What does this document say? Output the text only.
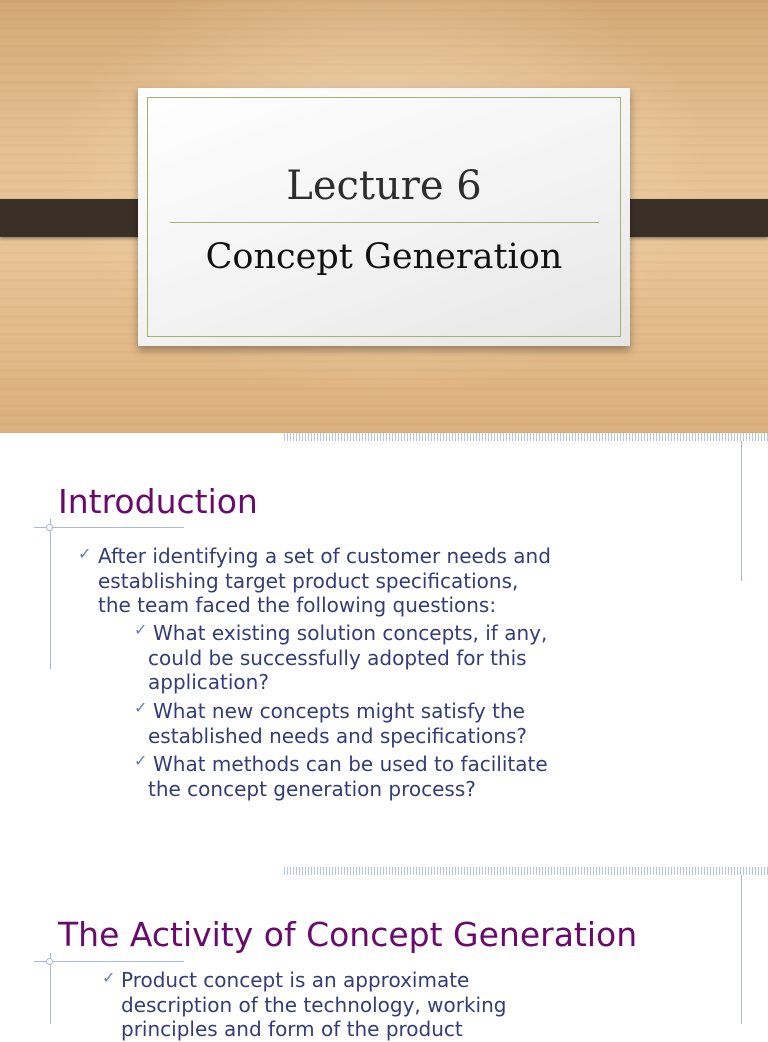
Lecture 6
Concept Generation
Introduction
✓ After identifying a set of customer needs and
establishing target product specifications,
the team faced the following questions:
✓ What existing solution concepts, if any,
could be successfully adopted for this
application?
✓ What new concepts might satisfy the
established needs and specifications?
✓ What methods can be used to facilitate
the concept generation process?
The Activity of Concept Generation
✓ Product concept is an approximate
description of the technology, working
principles and form of the product
